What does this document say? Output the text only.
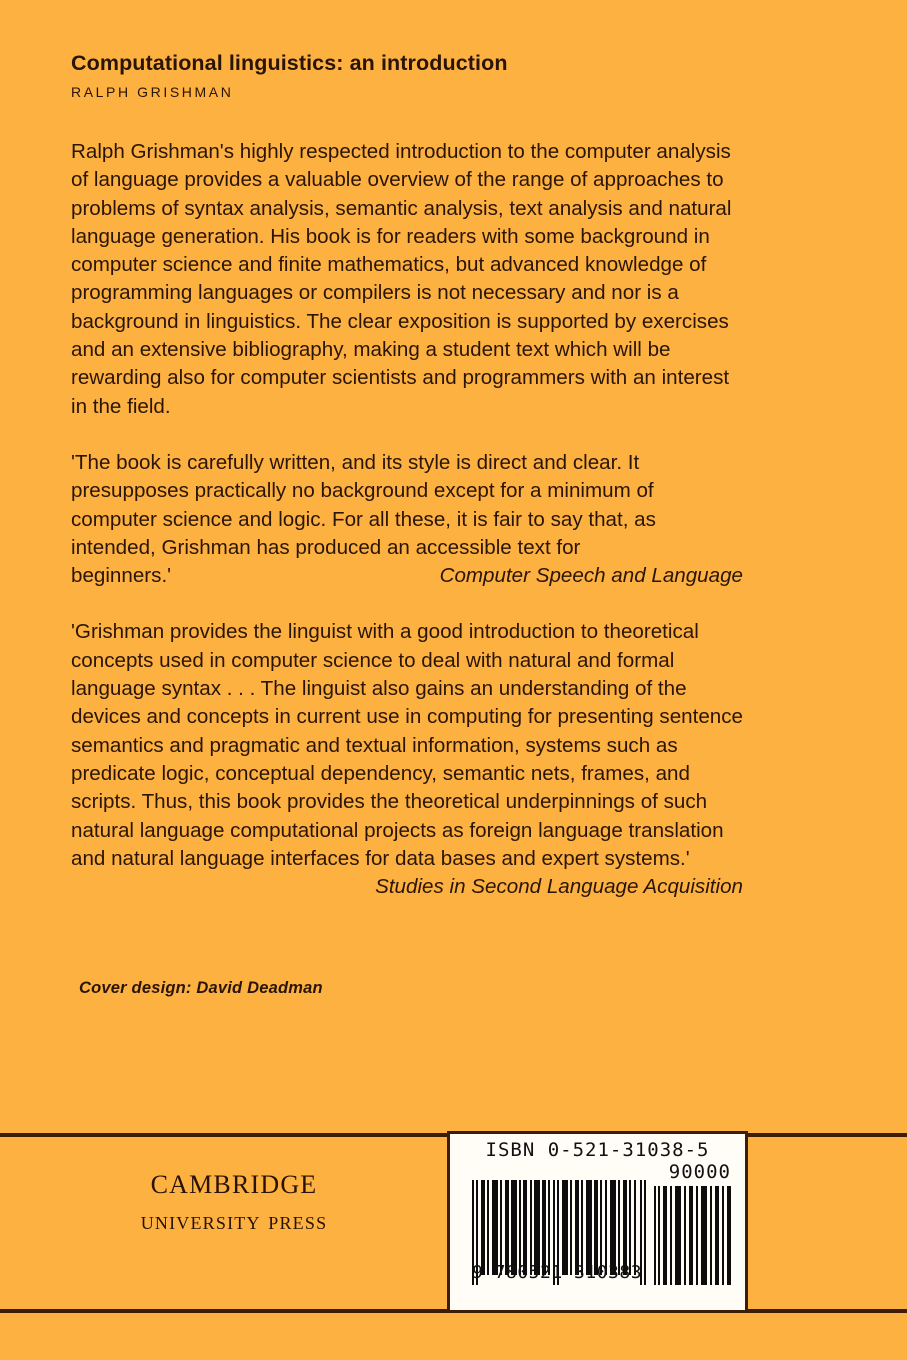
Computational linguistics: an introduction
RALPH GRISHMAN

Ralph Grishman's highly respected introduction to the computer analysis of language provides a valuable overview of the range of approaches to problems of syntax analysis, semantic analysis, text analysis and natural language generation. His book is for readers with some background in computer science and finite mathematics, but advanced knowledge of programming languages or compilers is not necessary and nor is a background in linguistics. The clear exposition is supported by exercises and an extensive bibliography, making a student text which will be rewarding also for computer scientists and programmers with an interest in the field.

'The book is carefully written, and its style is direct and clear. It presupposes practically no background except for a minimum of computer science and logic. For all these, it is fair to say that, as intended, Grishman has produced an accessible text for

beginners.'	Computer Speech and Language

'Grishman provides the linguist with a good introduction to theoretical concepts used in computer science to deal with natural and formal language syntax . . . The linguist also gains an understanding of the devices and concepts in current use in computing for presenting sentence semantics and pragmatic and textual information, systems such as predicate logic, conceptual dependency, semantic nets, frames, and scripts. Thus, this book provides the theoretical underpinnings of such natural language computational projects as foreign language translation and natural language interfaces for data bases and expert systems.'

Studies in Second Language Acquisition
Cover design: David Deadman
cambridge
university press
ISBN 0-521-31038-5
90000
9 780521 310383
